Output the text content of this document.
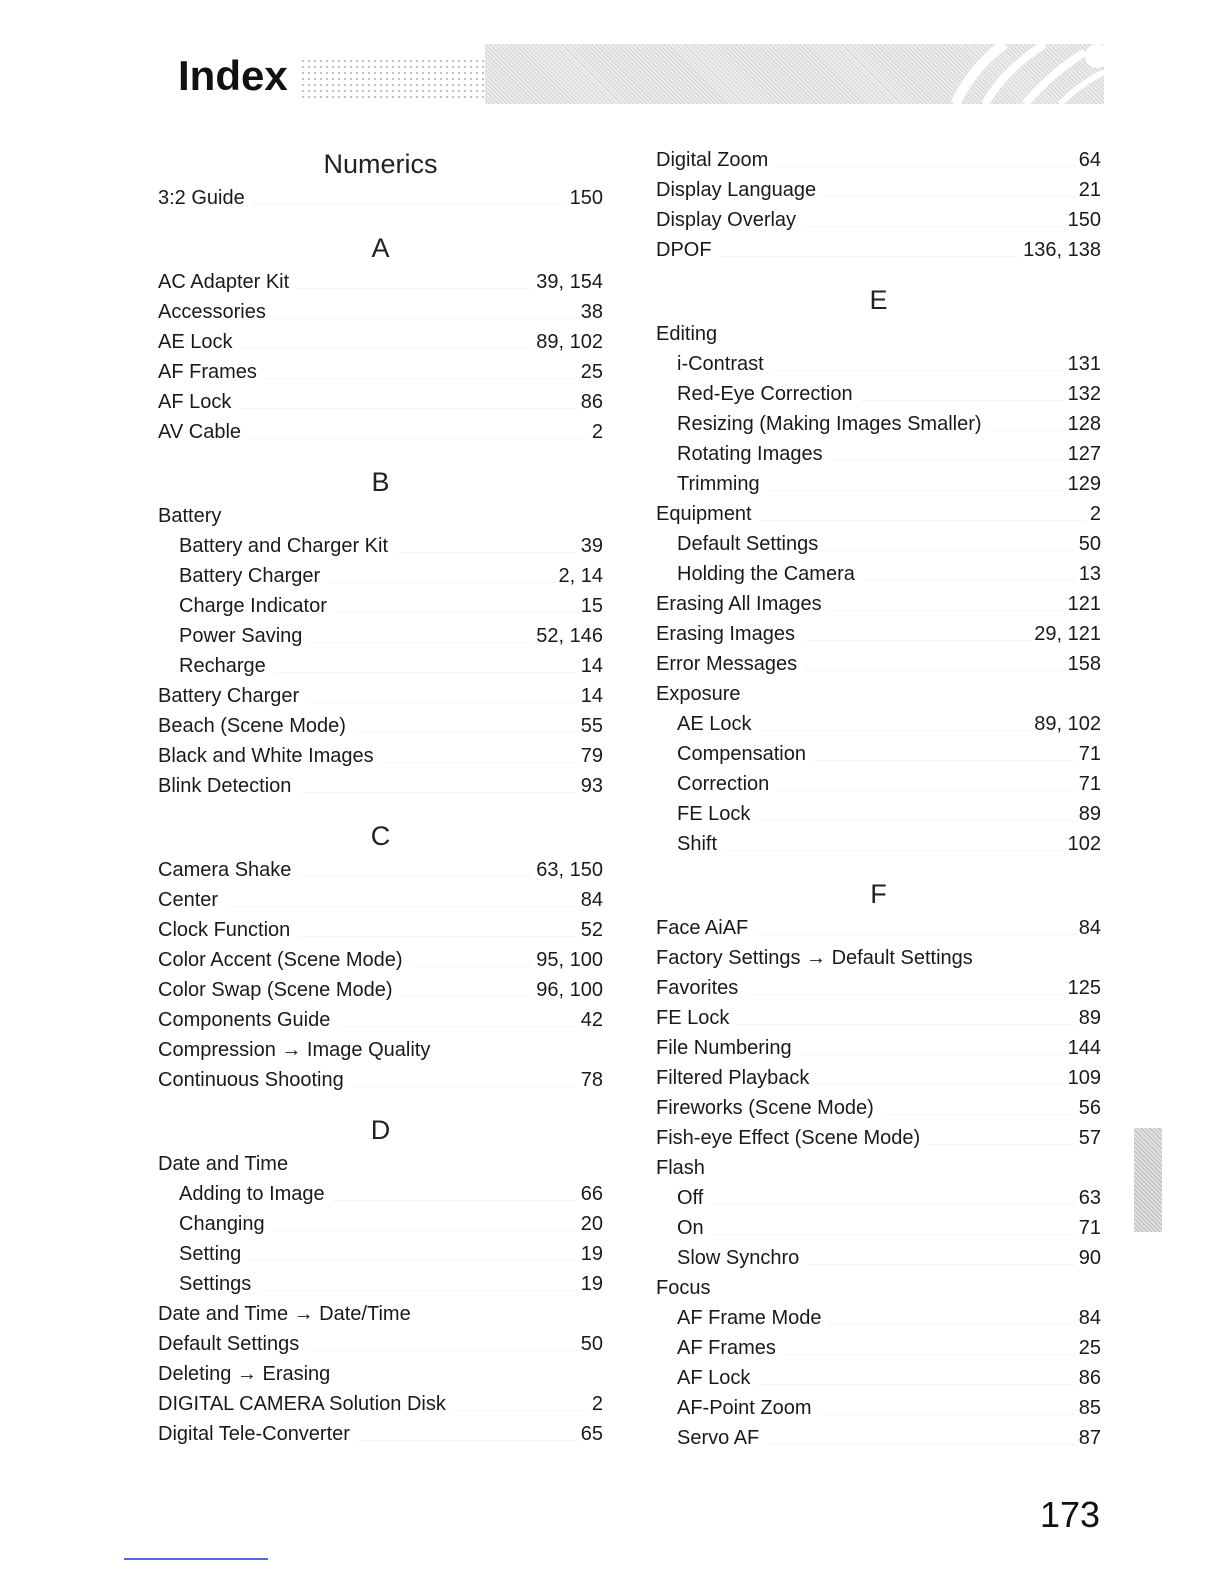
Index
Numerics
3:2 Guide	150
A
AC Adapter Kit	39, 154
Accessories	38
AE Lock	89, 102
AF Frames	25
AF Lock	86
AV Cable	2
B
Battery
Battery and Charger Kit	39
Battery Charger	2, 14
Charge Indicator	15
Power Saving	52, 146
Recharge	14
Battery Charger	14
Beach (Scene Mode)	55
Black and White Images	79
Blink Detection	93
C
Camera Shake	63, 150
Center	84
Clock Function	52
Color Accent (Scene Mode)	95, 100
Color Swap (Scene Mode)	96, 100
Components Guide	42
Compression → Image Quality
Continuous Shooting	78
D
Date and Time
Adding to Image	66
Changing	20
Setting	19
Settings	19
Date and Time → Date/Time
Default Settings	50
Deleting → Erasing
DIGITAL CAMERA Solution Disk	2
Digital Tele-Converter	65
Digital Zoom	64
Display Language	21
Display Overlay	150
DPOF	136, 138
E
Editing
i-Contrast	131
Red-Eye Correction	132
Resizing (Making Images Smaller)	128
Rotating Images	127
Trimming	129
Equipment	2
Default Settings	50
Holding the Camera	13
Erasing All Images	121
Erasing Images	29, 121
Error Messages	158
Exposure
AE Lock	89, 102
Compensation	71
Correction	71
FE Lock	89
Shift	102
F
Face AiAF	84
Factory Settings → Default Settings
Favorites	125
FE Lock	89
File Numbering	144
Filtered Playback	109
Fireworks (Scene Mode)	56
Fish-eye Effect (Scene Mode)	57
Flash
Off	63
On	71
Slow Synchro	90
Focus
AF Frame Mode	84
AF Frames	25
AF Lock	86
AF-Point Zoom	85
Servo AF	87
173
